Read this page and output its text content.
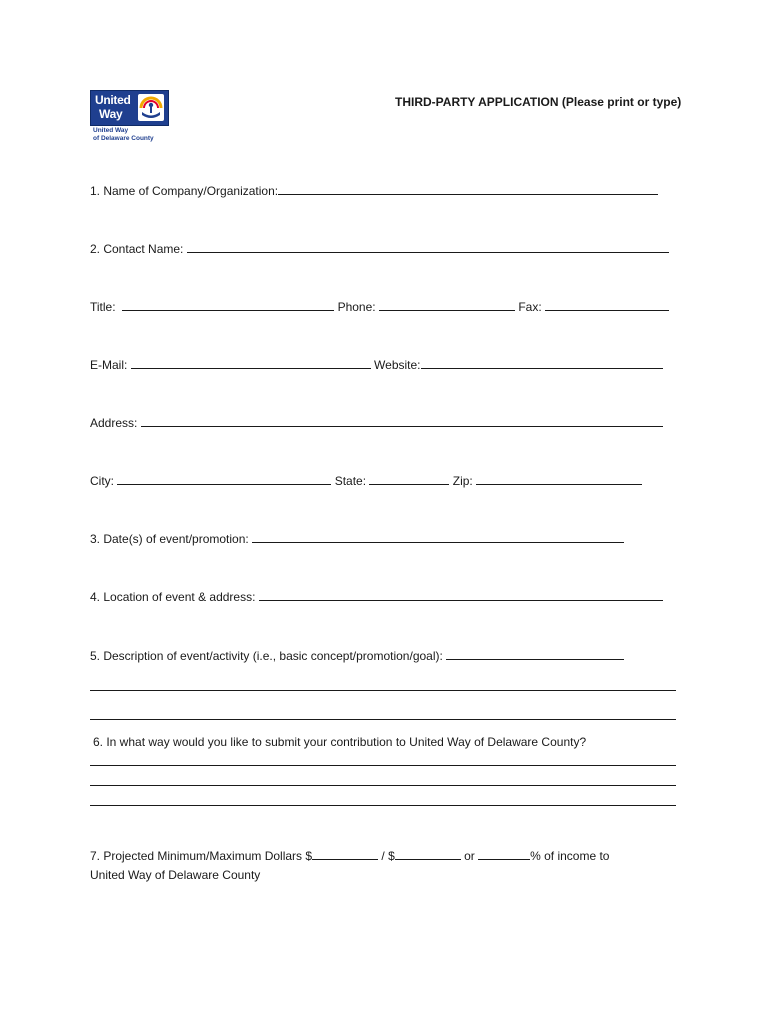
United
Way
United Way
of Delaware County
THIRD-PARTY APPLICATION (Please print or type)
1. Name of Company/Organization:
2. Contact Name:
Title:	Phone:	Fax:
E-Mail:	Website:
Address:
City:	State:	Zip:
3. Date(s) of event/promotion:
4. Location of event & address:
5. Description of event/activity (i.e., basic concept/promotion/goal):
6. In what way would you like to submit your contribution to United Way of Delaware County?
7. Projected Minimum/Maximum Dollars $	/ $	or	% of income to
United Way of Delaware County
